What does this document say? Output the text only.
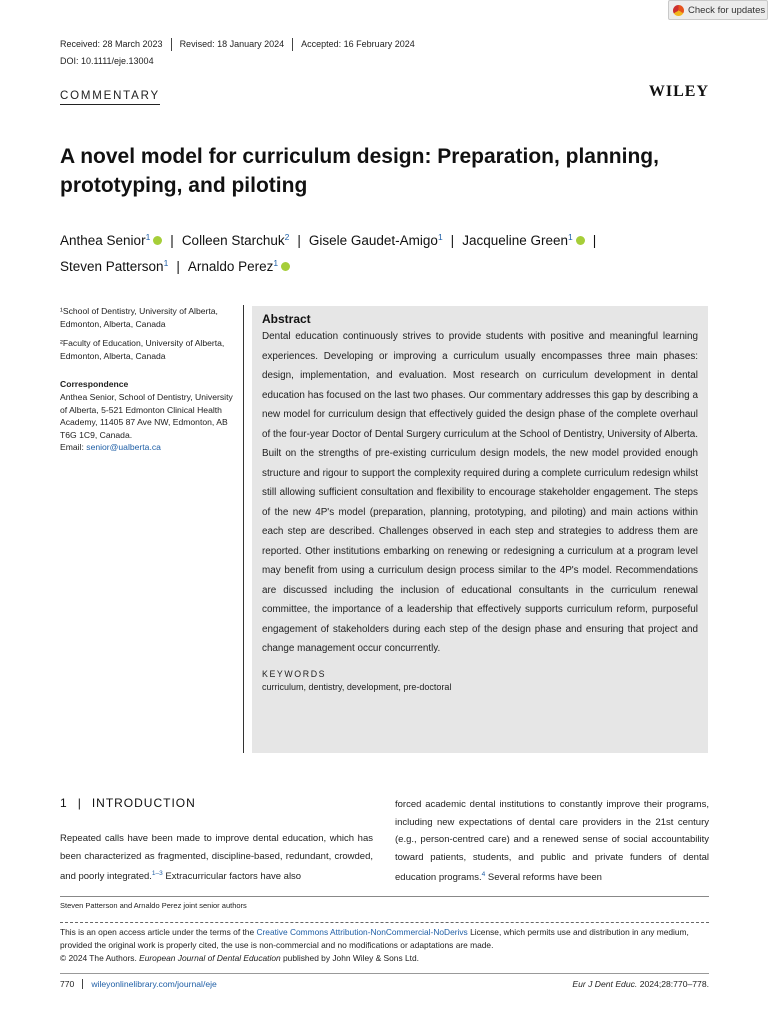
Check for updates
Received: 28 March 2023	Revised: 18 January 2024	Accepted: 16 February 2024
DOI: 10.1111/eje.13004
COMMENTARY	WILEY
A novel model for curriculum design: Preparation, planning, prototyping, and piloting
Anthea Senior$^1$ | Colleen Starchuk$^2$ | Gisele Gaudet-Amigo$^1$ | Jacqueline Green$^1$ |
Steven Patterson$^1$ | Arnaldo Perez$^1$

¹School of Dentistry, University of Alberta, Edmonton, Alberta, Canada

²Faculty of Education, University of Alberta, Edmonton, Alberta, Canada

Correspondence

Anthea Senior, School of Dentistry, University of Alberta, 5-521 Edmonton Clinical Health Academy, 11405 87 Ave NW, Edmonton, AB T6G 1C9, Canada.

Email: senior@ualberta.ca

Abstract
Dental education continuously strives to provide students with positive and meaningful learning experiences. Developing or improving a curriculum usually encompasses three main phases: design, implementation, and evaluation. Most research on curriculum development in dental education has focused on the last two phases. Our commentary addresses this gap by describing a new model for curriculum design that effectively guided the design phase of the complete overhaul of the four-year Doctor of Dental Surgery curriculum at the School of Dentistry, University of Alberta. Built on the strengths of pre-existing curriculum design models, the new model provided enough structure and rigour to support the complexity required during a complete curriculum redesign whilst still allowing sufficient consultation and flexibility to encourage stakeholder engagement. The steps of the new 4P's model (preparation, planning, prototyping, and piloting) and main actions within each step are described. Challenges observed in each step and strategies to address them are reported. Other institutions embarking on renewing or redesigning a curriculum at a program level may benefit from using a curriculum design process similar to the 4P's model. Recommendations are discussed including the inclusion of educational consultants in the curriculum renewal committee, the importance of a leadership that effectively supports curriculum reform, purposeful engagement of stakeholders during each step of the design phase and ensuring that project and change management occur concurrently.
KEYWORDS
curriculum, dentistry, development, pre-doctoral
1 | INTRODUCTION
Repeated calls have been made to improve dental education, which has been characterized as fragmented, discipline-based, redundant, crowded, and poorly integrated.$^{1-3}$ Extracurricular factors have also
forced academic dental institutions to constantly improve their programs, including new expectations of dental care providers in the 21st century (e.g., person-centred care) and a renewed sense of social accountability toward patients, students, and public and private funders of dental education programs.$^4$ Several reforms have been
Steven Patterson and Arnaldo Perez joint senior authors
This is an open access article under the terms of the Creative Commons Attribution-NonCommercial-NoDerivs License, which permits use and distribution in any medium, provided the original work is properly cited, the use is non-commercial and no modifications or adaptations are made.
© 2024 The Authors. European Journal of Dental Education published by John Wiley & Sons Ltd.
770	wileyonlinelibrary.com/journal/eje	Eur J Dent Educ. 2024;28:770–778.
